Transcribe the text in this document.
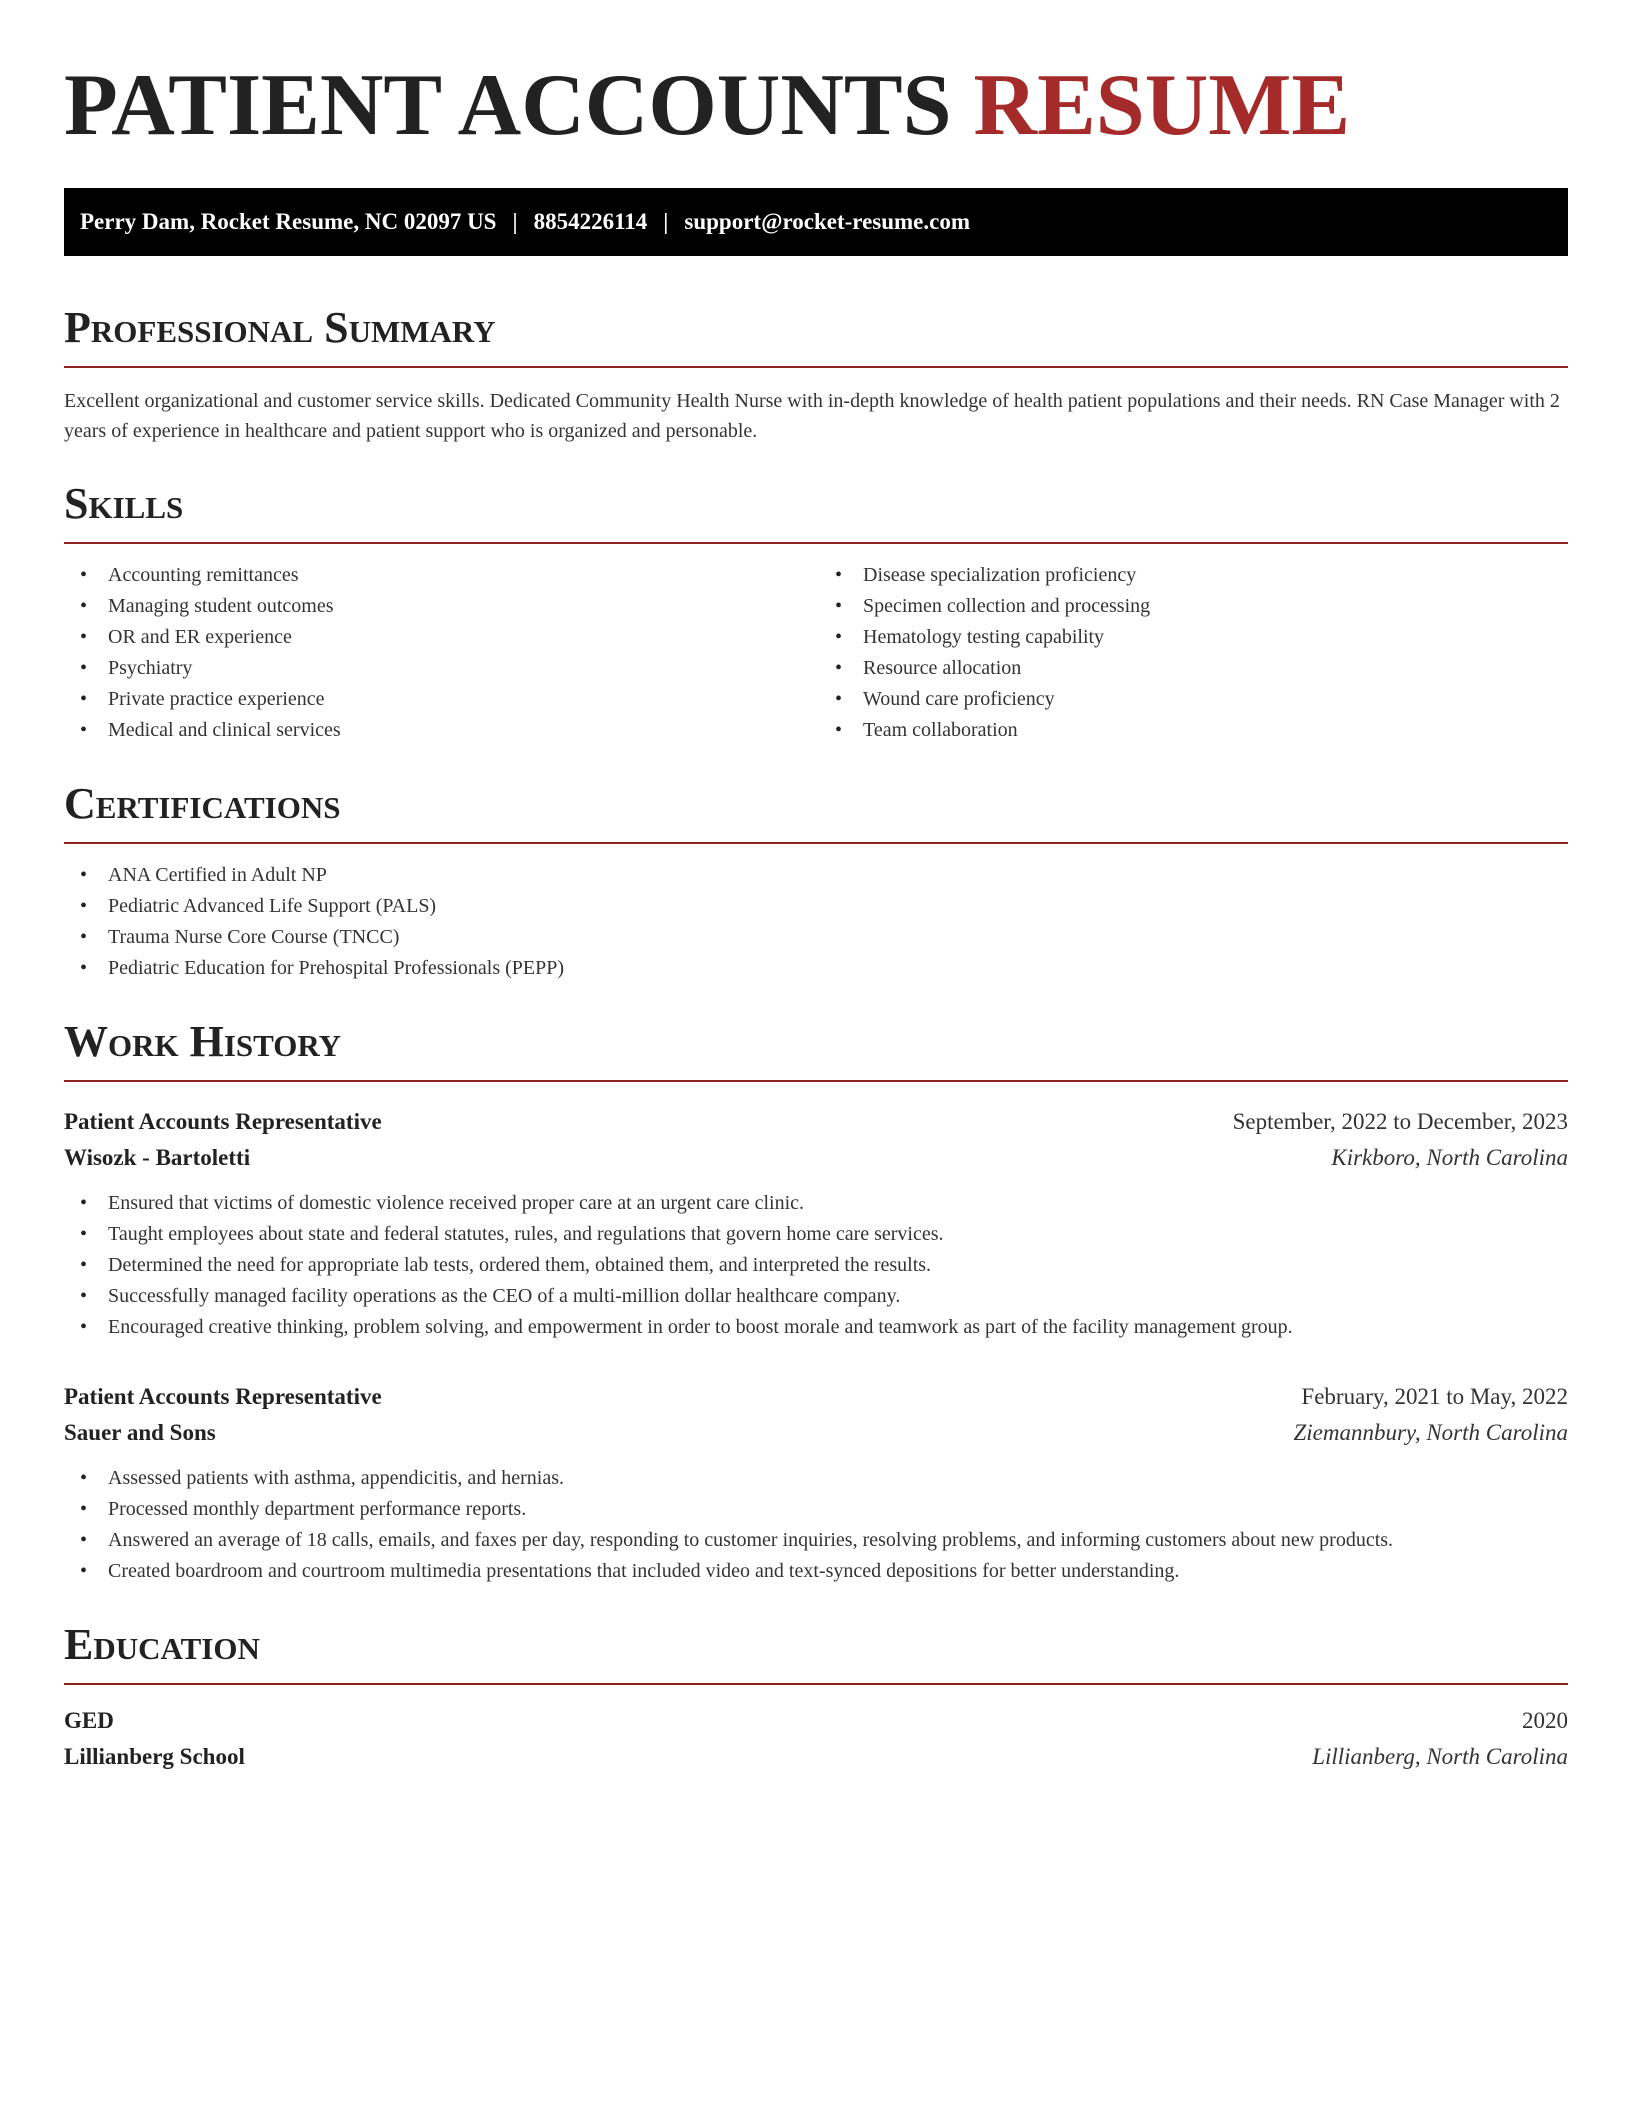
PATIENT ACCOUNTS RESUME
Perry Dam, Rocket Resume, NC 02097 US | 8854226114 | support@rocket-resume.com
Professional Summary

Excellent organizational and customer service skills. Dedicated Community Health Nurse with in-depth knowledge of health patient populations and their needs. RN Case Manager with 2 years of experience in healthcare and patient support who is organized and personable.

Skills
• Accounting remittances
• Managing student outcomes
• OR and ER experience
• Psychiatry
• Private practice experience
• Medical and clinical services
• Disease specialization proficiency
• Specimen collection and processing
• Hematology testing capability
• Resource allocation
• Wound care proficiency
• Team collaboration
Certifications
• ANA Certified in Adult NP
• Pediatric Advanced Life Support (PALS)
• Trauma Nurse Core Course (TNCC)
• Pediatric Education for Prehospital Professionals (PEPP)
Work History
Patient Accounts Representative	September, 2022 to December, 2023
Wisozk - Bartoletti	Kirkboro, North Carolina
• Ensured that victims of domestic violence received proper care at an urgent care clinic.
• Taught employees about state and federal statutes, rules, and regulations that govern home care services.
• Determined the need for appropriate lab tests, ordered them, obtained them, and interpreted the results.
• Successfully managed facility operations as the CEO of a multi-million dollar healthcare company.
• Encouraged creative thinking, problem solving, and empowerment in order to boost morale and teamwork as part of the facility management group.
Patient Accounts Representative	February, 2021 to May, 2022
Sauer and Sons	Ziemannbury, North Carolina
• Assessed patients with asthma, appendicitis, and hernias.
• Processed monthly department performance reports.
• Answered an average of 18 calls, emails, and faxes per day, responding to customer inquiries, resolving problems, and informing customers about new products.
• Created boardroom and courtroom multimedia presentations that included video and text-synced depositions for better understanding.
Education
GED	2020
Lillianberg School	Lillianberg, North Carolina
